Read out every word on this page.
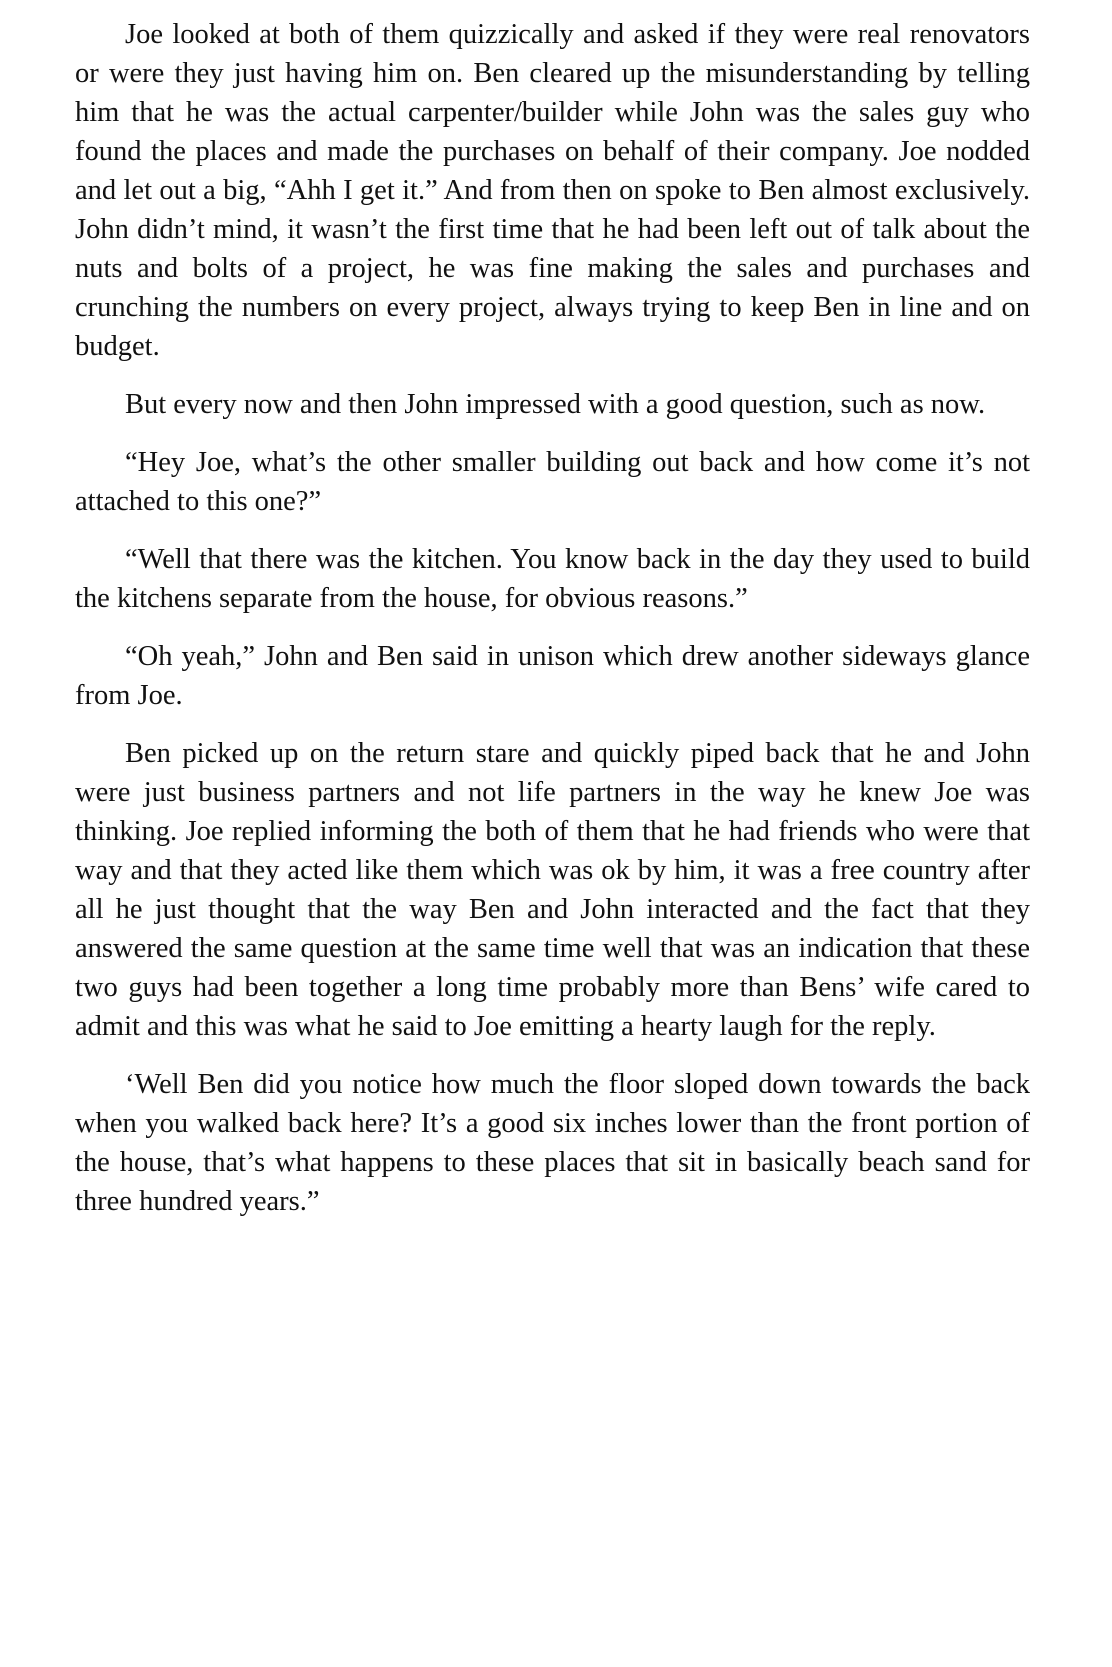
Joe looked at both of them quizzically and asked if they were real renovators or were they just having him on. Ben cleared up the misunderstanding by telling him that he was the actual carpenter/builder while John was the sales guy who found the places and made the purchases on behalf of their company. Joe nodded and let out a big, “Ahh I get it.” And from then on spoke to Ben almost exclusively. John didn’t mind, it wasn’t the first time that he had been left out of talk about the nuts and bolts of a project, he was fine making the sales and purchases and crunching the numbers on every project, always trying to keep Ben in line and on budget.

But every now and then John impressed with a good question, such as now.

“Hey Joe, what’s the other smaller building out back and how come it’s not attached to this one?”

“Well that there was the kitchen. You know back in the day they used to build the kitchens separate from the house, for obvious reasons.”

“Oh yeah,” John and Ben said in unison which drew another sideways glance from Joe.

Ben picked up on the return stare and quickly piped back that he and John were just business partners and not life partners in the way he knew Joe was thinking. Joe replied informing the both of them that he had friends who were that way and that they acted like them which was ok by him, it was a free country after all he just thought that the way Ben and John interacted and the fact that they answered the same question at the same time well that was an indication that these two guys had been together a long time probably more than Bens’ wife cared to admit and this was what he said to Joe emitting a hearty laugh for the reply.

‘Well Ben did you notice how much the floor sloped down towards the back when you walked back here? It’s a good six inches lower than the front portion of the house, that’s what happens to these places that sit in basically beach sand for three hundred years.”
